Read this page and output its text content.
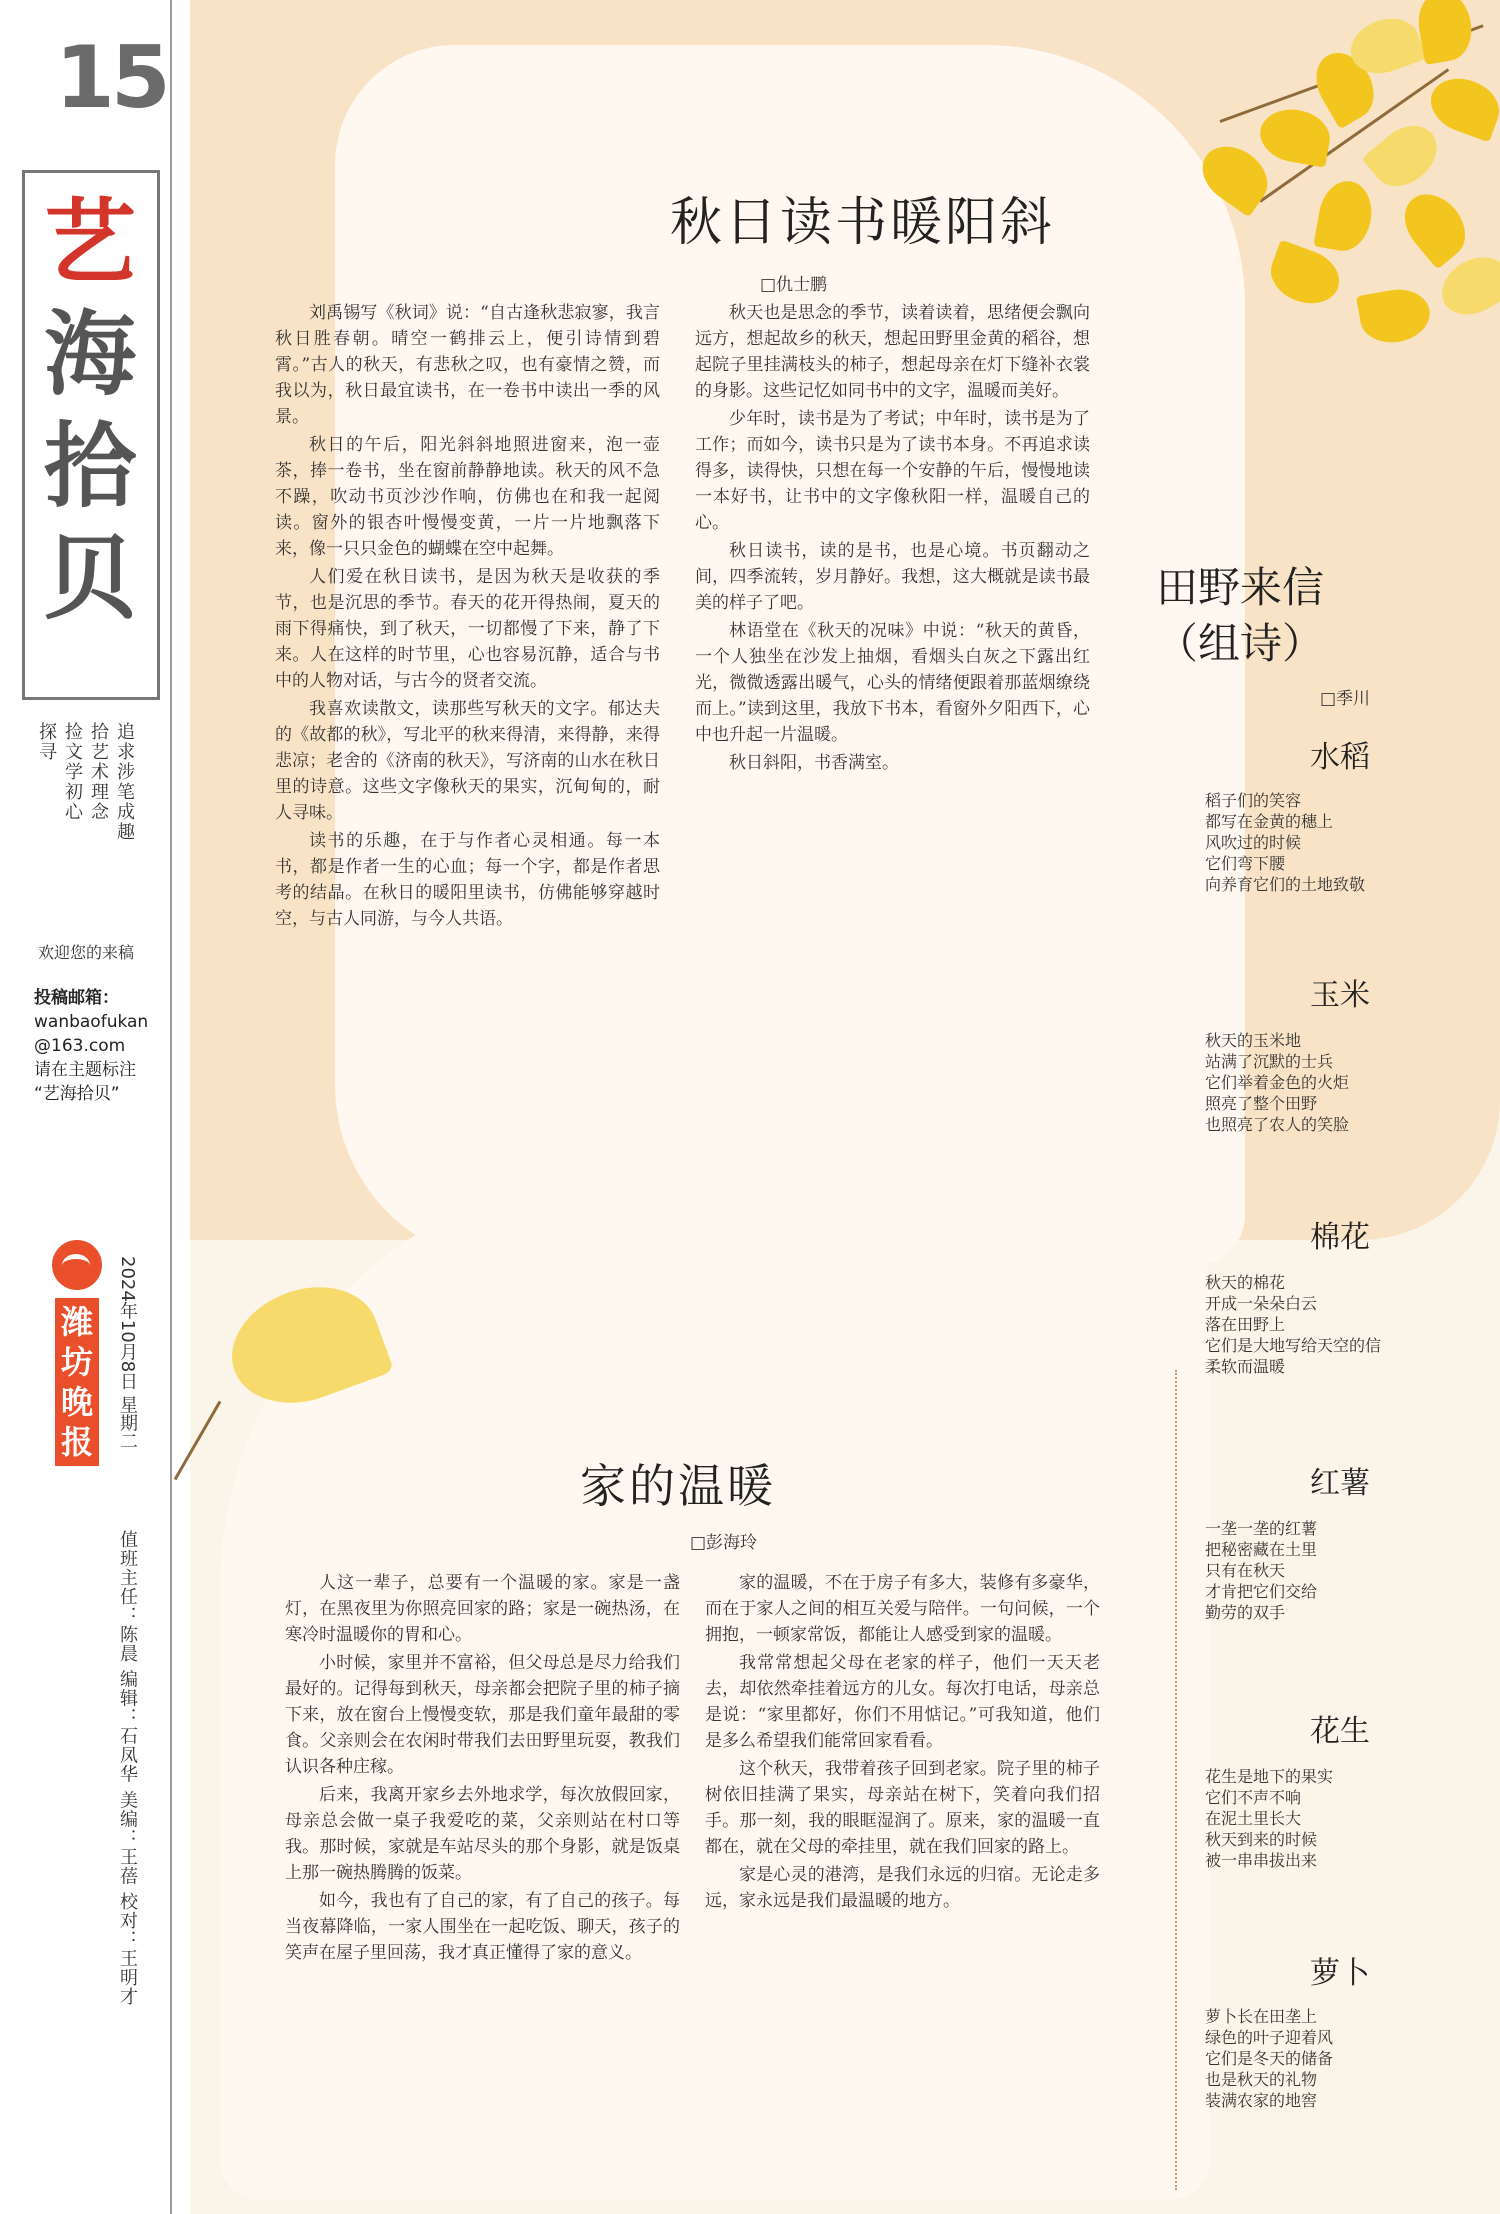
15
艺
海
拾
贝
追求涉笔成趣
拾艺术理念
捡文学初心
探寻
欢迎您的来稿
投稿邮箱：
wanbaofukan
@163.com
请在主题标注
“艺海拾贝”
潍坊晚报	2024年10月8日 星期二
值班主任：陈晨 编辑：石凤华 美编：王蓓 校对：王明才
秋日读书暖阳斜
□仇士鹏

刘禹锡写《秋词》说：“自古逢秋悲寂寥，我言秋日胜春朝。晴空一鹤排云上，便引诗情到碧霄。”古人的秋天，有悲秋之叹，也有豪情之赞，而我以为，秋日最宜读书，在一卷书中读出一季的风景。

秋日的午后，阳光斜斜地照进窗来，泡一壶茶，捧一卷书，坐在窗前静静地读。秋天的风不急不躁，吹动书页沙沙作响，仿佛也在和我一起阅读。窗外的银杏叶慢慢变黄，一片一片地飘落下来，像一只只金色的蝴蝶在空中起舞。

人们爱在秋日读书，是因为秋天是收获的季节，也是沉思的季节。春天的花开得热闹，夏天的雨下得痛快，到了秋天，一切都慢了下来，静了下来。人在这样的时节里，心也容易沉静，适合与书中的人物对话，与古今的贤者交流。

我喜欢读散文，读那些写秋天的文字。郁达夫的《故都的秋》，写北平的秋来得清，来得静，来得悲凉；老舍的《济南的秋天》，写济南的山水在秋日里的诗意。这些文字像秋天的果实，沉甸甸的，耐人寻味。

读书的乐趣，在于与作者心灵相通。每一本书，都是作者一生的心血；每一个字，都是作者思考的结晶。在秋日的暖阳里读书，仿佛能够穿越时空，与古人同游，与今人共语。

秋天也是思念的季节，读着读着，思绪便会飘向远方，想起故乡的秋天，想起田野里金黄的稻谷，想起院子里挂满枝头的柿子，想起母亲在灯下缝补衣裳的身影。这些记忆如同书中的文字，温暖而美好。

少年时，读书是为了考试；中年时，读书是为了工作；而如今，读书只是为了读书本身。不再追求读得多，读得快，只想在每一个安静的午后，慢慢地读一本好书，让书中的文字像秋阳一样，温暖自己的心。

秋日读书，读的是书，也是心境。书页翻动之间，四季流转，岁月静好。我想，这大概就是读书最美的样子了吧。

林语堂在《秋天的况味》中说：“秋天的黄昏，一个人独坐在沙发上抽烟，看烟头白灰之下露出红光，微微透露出暖气，心头的情绪便跟着那蓝烟缭绕而上。”读到这里，我放下书本，看窗外夕阳西下，心中也升起一片温暖。

秋日斜阳，书香满室。

家的温暖
□彭海玲

人这一辈子，总要有一个温暖的家。家是一盏灯，在黑夜里为你照亮回家的路；家是一碗热汤，在寒冷时温暖你的胃和心。

小时候，家里并不富裕，但父母总是尽力给我们最好的。记得每到秋天，母亲都会把院子里的柿子摘下来，放在窗台上慢慢变软，那是我们童年最甜的零食。父亲则会在农闲时带我们去田野里玩耍，教我们认识各种庄稼。

后来，我离开家乡去外地求学，每次放假回家，母亲总会做一桌子我爱吃的菜，父亲则站在村口等我。那时候，家就是车站尽头的那个身影，就是饭桌上那一碗热腾腾的饭菜。

如今，我也有了自己的家，有了自己的孩子。每当夜幕降临，一家人围坐在一起吃饭、聊天，孩子的笑声在屋子里回荡，我才真正懂得了家的意义。

家的温暖，不在于房子有多大，装修有多豪华，而在于家人之间的相互关爱与陪伴。一句问候，一个拥抱，一顿家常饭，都能让人感受到家的温暖。

我常常想起父母在老家的样子，他们一天天老去，却依然牵挂着远方的儿女。每次打电话，母亲总是说：“家里都好，你们不用惦记。”可我知道，他们是多么希望我们能常回家看看。

这个秋天，我带着孩子回到老家。院子里的柿子树依旧挂满了果实，母亲站在树下，笑着向我们招手。那一刻，我的眼眶湿润了。原来，家的温暖一直都在，就在父母的牵挂里，就在我们回家的路上。

家是心灵的港湾，是我们永远的归宿。无论走多远，家永远是我们最温暖的地方。

田野来信
（组诗）
□季川
水稻
稻子们的笑容
都写在金黄的穗上
风吹过的时候
它们弯下腰
向养育它们的土地致敬
玉米
秋天的玉米地
站满了沉默的士兵
它们举着金色的火炬
照亮了整个田野
也照亮了农人的笑脸
棉花
秋天的棉花
开成一朵朵白云
落在田野上
它们是大地写给天空的信
柔软而温暖
红薯
一垄一垄的红薯
把秘密藏在土里
只有在秋天
才肯把它们交给
勤劳的双手
花生
花生是地下的果实
它们不声不响
在泥土里长大
秋天到来的时候
被一串串拔出来
萝卜
萝卜长在田垄上
绿色的叶子迎着风
它们是冬天的储备
也是秋天的礼物
装满农家的地窖
